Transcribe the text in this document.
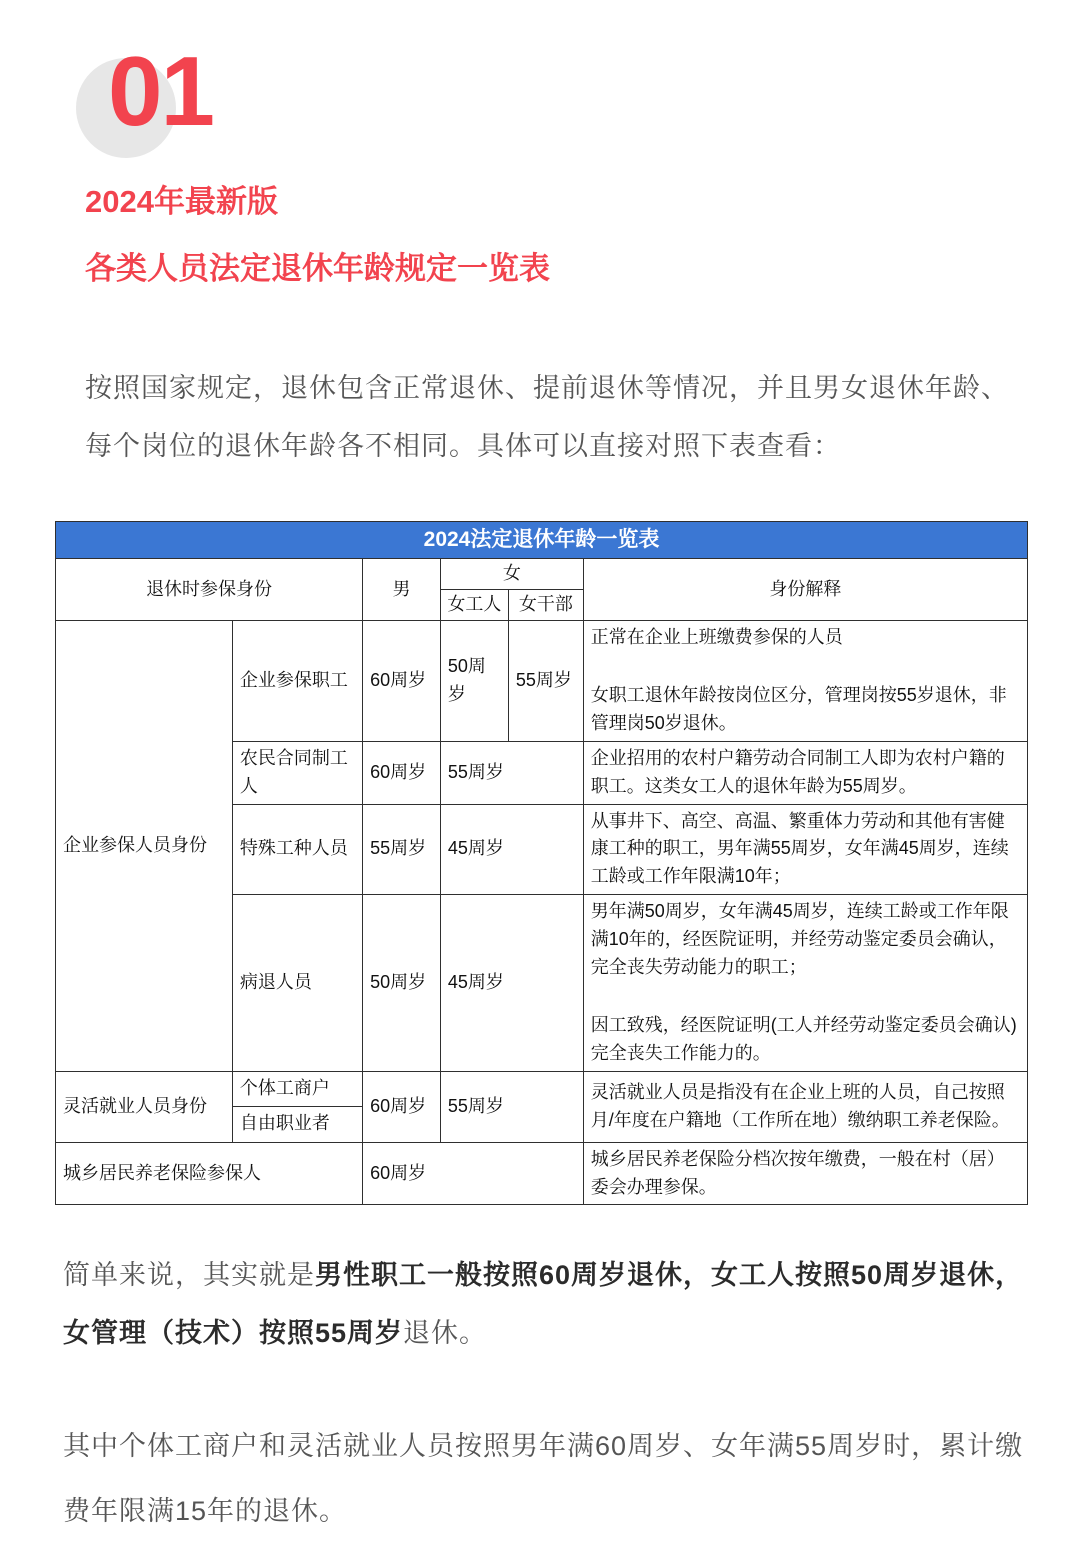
01
2024年最新版
各类人员法定退休年龄规定一览表

按照国家规定，退休包含正常退休、提前退休等情况，并且男女退休年龄、每个岗位的退休年龄各不相同。具体可以直接对照下表查看：

2024法定退休年龄一览表					
退休时参保身份		男	女		身份解释
			女工人	女干部	
企业参保人员身份	企业参保职工	60周岁	50周岁	55周岁	正常在企业上班缴费参保的人员
女职工退休年龄按岗位区分，管理岗按55岁退休，非管理岗50岁退休。

	农民合同制工人	60周岁	55周岁		企业招用的农村户籍劳动合同制工人即为农村户籍的职工。这类女工人的退休年龄为55周岁。
	特殊工种人员	55周岁	45周岁		从事井下、高空、高温、繁重体力劳动和其他有害健康工种的职工，男年满55周岁，女年满45周岁，连续工龄或工作年限满10年；
	病退人员	50周岁	45周岁		男年满50周岁，女年满45周岁，连续工龄或工作年限满10年的，经医院证明，并经劳动鉴定委员会确认，完全丧失劳动能力的职工；
因工致残，经医院证明(工人并经劳动鉴定委员会确认)完全丧失工作能力的。

灵活就业人员身份	个体工商户	60周岁	55周岁		灵活就业人员是指没有在企业上班的人员，自己按照月/年度在户籍地（工作所在地）缴纳职工养老保险。
	自由职业者				
城乡居民养老保险参保人		60周岁			城乡居民养老保险分档次按年缴费，一般在村（居）委会办理参保。

简单来说，其实就是男性职工一般按照60周岁退休，女工人按照50周岁退休，女管理（技术）按照55周岁退休。

其中个体工商户和灵活就业人员按照男年满60周岁、女年满55周岁时，累计缴费年限满15年的退休。
